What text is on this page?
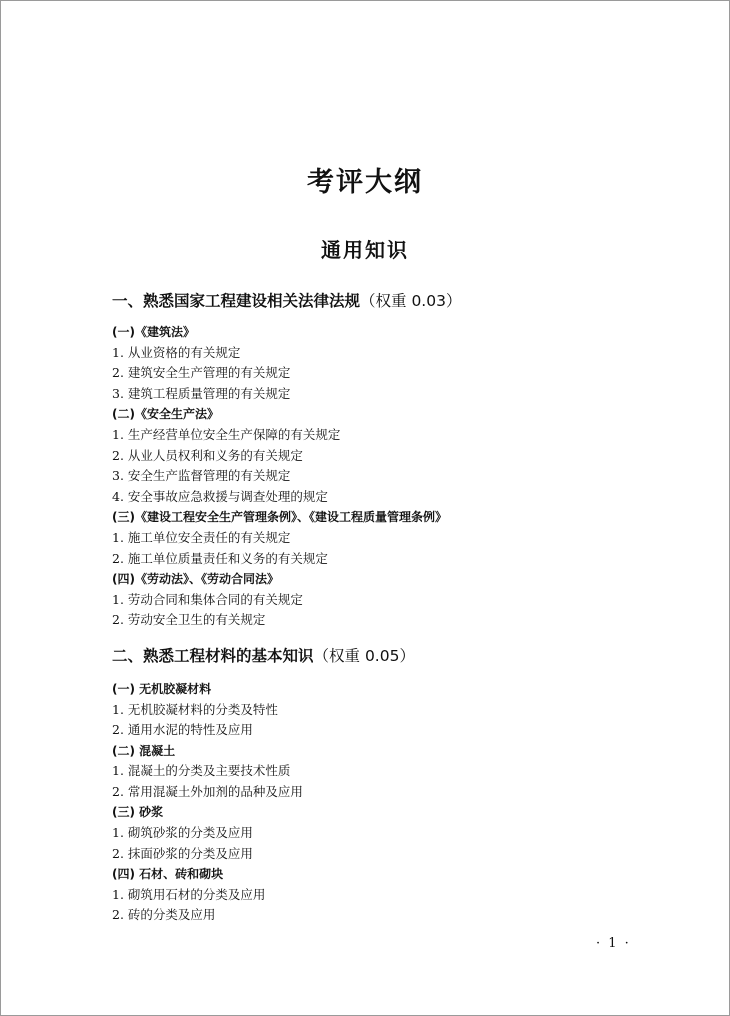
考评大纲
通用知识
一、熟悉国家工程建设相关法律法规（权重 0.03）
(一)《建筑法》
1. 从业资格的有关规定
2. 建筑安全生产管理的有关规定
3. 建筑工程质量管理的有关规定
(二)《安全生产法》
1. 生产经营单位安全生产保障的有关规定
2. 从业人员权利和义务的有关规定
3. 安全生产监督管理的有关规定
4. 安全事故应急救援与调查处理的规定
(三)《建设工程安全生产管理条例》、《建设工程质量管理条例》
1. 施工单位安全责任的有关规定
2. 施工单位质量责任和义务的有关规定
(四)《劳动法》、《劳动合同法》
1. 劳动合同和集体合同的有关规定
2. 劳动安全卫生的有关规定
二、熟悉工程材料的基本知识（权重 0.05）
(一) 无机胶凝材料
1. 无机胶凝材料的分类及特性
2. 通用水泥的特性及应用
(二) 混凝土
1. 混凝土的分类及主要技术性质
2. 常用混凝土外加剂的品种及应用
(三) 砂浆
1. 砌筑砂浆的分类及应用
2. 抹面砂浆的分类及应用
(四) 石材、砖和砌块
1. 砌筑用石材的分类及应用
2. 砖的分类及应用
· 1 ·
